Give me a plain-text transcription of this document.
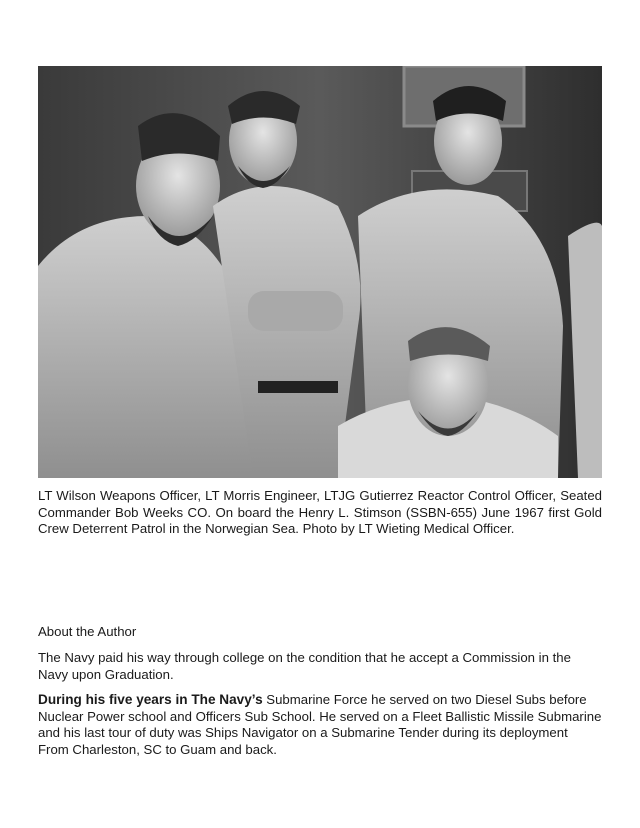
LT Wilson Weapons Officer, LT Morris Engineer, LTJG Gutierrez Reactor Control Officer, Seated Commander Bob Weeks CO. On board the Henry L. Stimson (SSBN-655) June 1967 first Gold Crew Deterrent Patrol in the Norwegian Sea. Photo by LT Wieting Medical Officer.
About the Author
The Navy paid his way through college on the condition that he accept a Commission in the Navy upon Graduation.
During his five years in The Navy’s Submarine Force he served on two Diesel Subs before Nuclear Power school and Officers Sub School. He served on a Fleet Ballistic Missile Submarine and his last tour of duty was Ships Navigator on a Submarine Tender during its deployment From Charleston, SC to Guam and back.
